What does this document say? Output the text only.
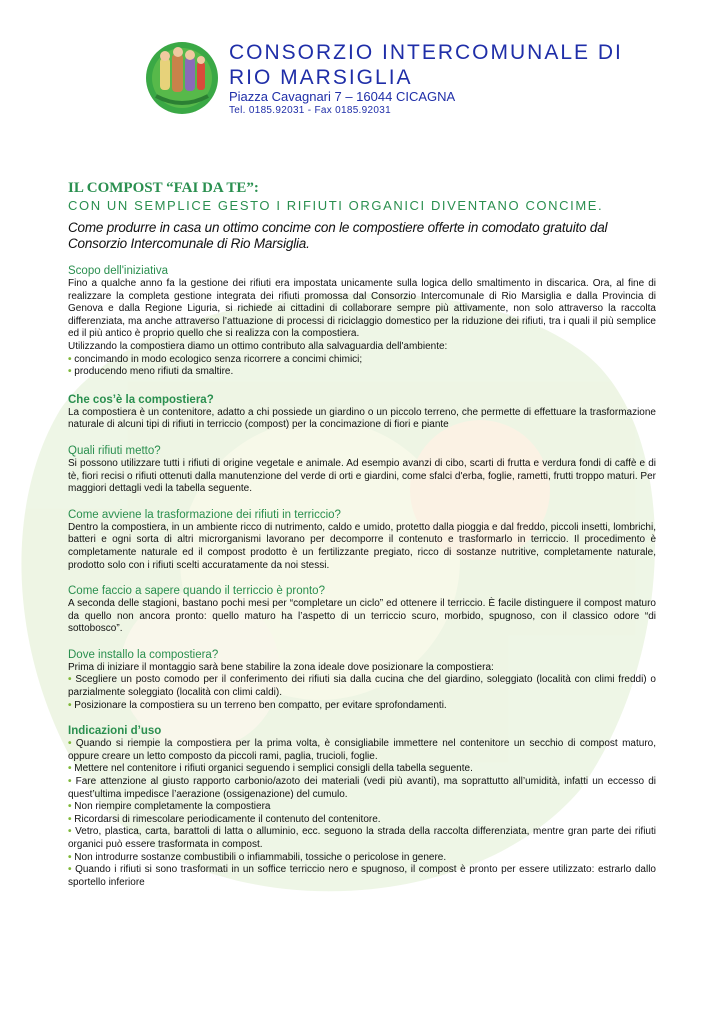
CONSORZIO INTERCOMUNALE DI
RIO MARSIGLIA
Piazza Cavagnari 7 – 16044 CICAGNA
Tel. 0185.92031 - Fax 0185.92031
IL COMPOST “FAI DA TE”:
CON UN SEMPLICE GESTO I RIFIUTI ORGANICI DIVENTANO CONCIME.
Come produrre in casa un ottimo concime con le compostiere offerte in comodato gratuito dal Consorzio Intercomunale di Rio Marsiglia.
Scopo dell'iniziativa
Fino a qualche anno fa la gestione dei rifiuti era impostata unicamente sulla logica dello smaltimento in discarica. Ora, al fine di realizzare la completa gestione integrata dei rifiuti promossa dal Consorzio Intercomunale di Rio Marsiglia e dalla Provincia di Genova e dalla Regione Liguria, si richiede ai cittadini di collaborare sempre più attivamente, non solo attraverso la raccolta differenziata, ma anche attraverso l’attuazione di processi di riciclaggio domestico per la riduzione dei rifiuti, tra i quali il più semplice ed il più antico è proprio quello che si realizza con la compostiera.
Utilizzando la compostiera diamo un ottimo contributo alla salvaguardia dell'ambiente:
• concimando in modo ecologico senza ricorrere a concimi chimici;
• producendo meno rifiuti da smaltire.
Che cos’è la compostiera?
La compostiera è un contenitore, adatto a chi possiede un giardino o un piccolo terreno, che permette di effettuare la trasformazione naturale di alcuni tipi di rifiuti in terriccio (compost) per la concimazione di fiori e piante
Quali rifiuti metto?
Si possono utilizzare tutti i rifiuti di origine vegetale e animale. Ad esempio avanzi di cibo, scarti di frutta e verdura fondi di caffè e di tè, fiori recisi o rifiuti ottenuti dalla manutenzione del verde di orti e giardini, come sfalci d'erba, foglie, rametti, frutti troppo maturi. Per maggiori dettagli vedi la tabella seguente.
Come avviene la trasformazione dei rifiuti in terriccio?
Dentro la compostiera, in un ambiente ricco di nutrimento, caldo e umido, protetto dalla pioggia e dal freddo, piccoli insetti, lombrichi, batteri e ogni sorta di altri microrganismi lavorano per decomporre il contenuto e trasformarlo in terriccio. Il procedimento è completamente naturale ed il compost prodotto è un fertilizzante pregiato, ricco di sostanze nutritive, completamente naturale, prodotto solo con i rifiuti scelti accuratamente da noi stessi.
Come faccio a sapere quando il terriccio è pronto?
A seconda delle stagioni, bastano pochi mesi per “completare un ciclo” ed ottenere il terriccio. È facile distinguere il compost maturo da quello non ancora pronto: quello maturo ha l’aspetto di un terriccio scuro, morbido, spugnoso, con il classico odore “di sottobosco”.
Dove installo la compostiera?
Prima di iniziare il montaggio sarà bene stabilire la zona ideale dove posizionare la compostiera:
• Scegliere un posto comodo per il conferimento dei rifiuti sia dalla cucina che del giardino, soleggiato (località con climi freddi) o parzialmente soleggiato (località con climi caldi).
• Posizionare la compostiera su un terreno ben compatto, per evitare sprofondamenti.
Indicazioni d’uso
• Quando si riempie la compostiera per la prima volta, è consigliabile immettere nel contenitore un secchio di compost maturo, oppure creare un letto composto da piccoli rami, paglia, trucioli, foglie.
• Mettere nel contenitore i rifiuti organici seguendo i semplici consigli della tabella seguente.
• Fare attenzione al giusto rapporto carbonio/azoto dei materiali (vedi più avanti), ma soprattutto all’umidità, infatti un eccesso di quest’ultima impedisce l’aerazione (ossigenazione) del cumulo.
• Non riempire completamente la compostiera
• Ricordarsi di rimescolare periodicamente il contenuto del contenitore.
• Vetro, plastica, carta, barattoli di latta o alluminio, ecc. seguono la strada della raccolta differenziata, mentre gran parte dei rifiuti organici può essere trasformata in compost.
• Non introdurre sostanze combustibili o infiammabili, tossiche o pericolose in genere.
• Quando i rifiuti si sono trasformati in un soffice terriccio nero e spugnoso, il compost è pronto per essere utilizzato: estrarlo dallo sportello inferiore
